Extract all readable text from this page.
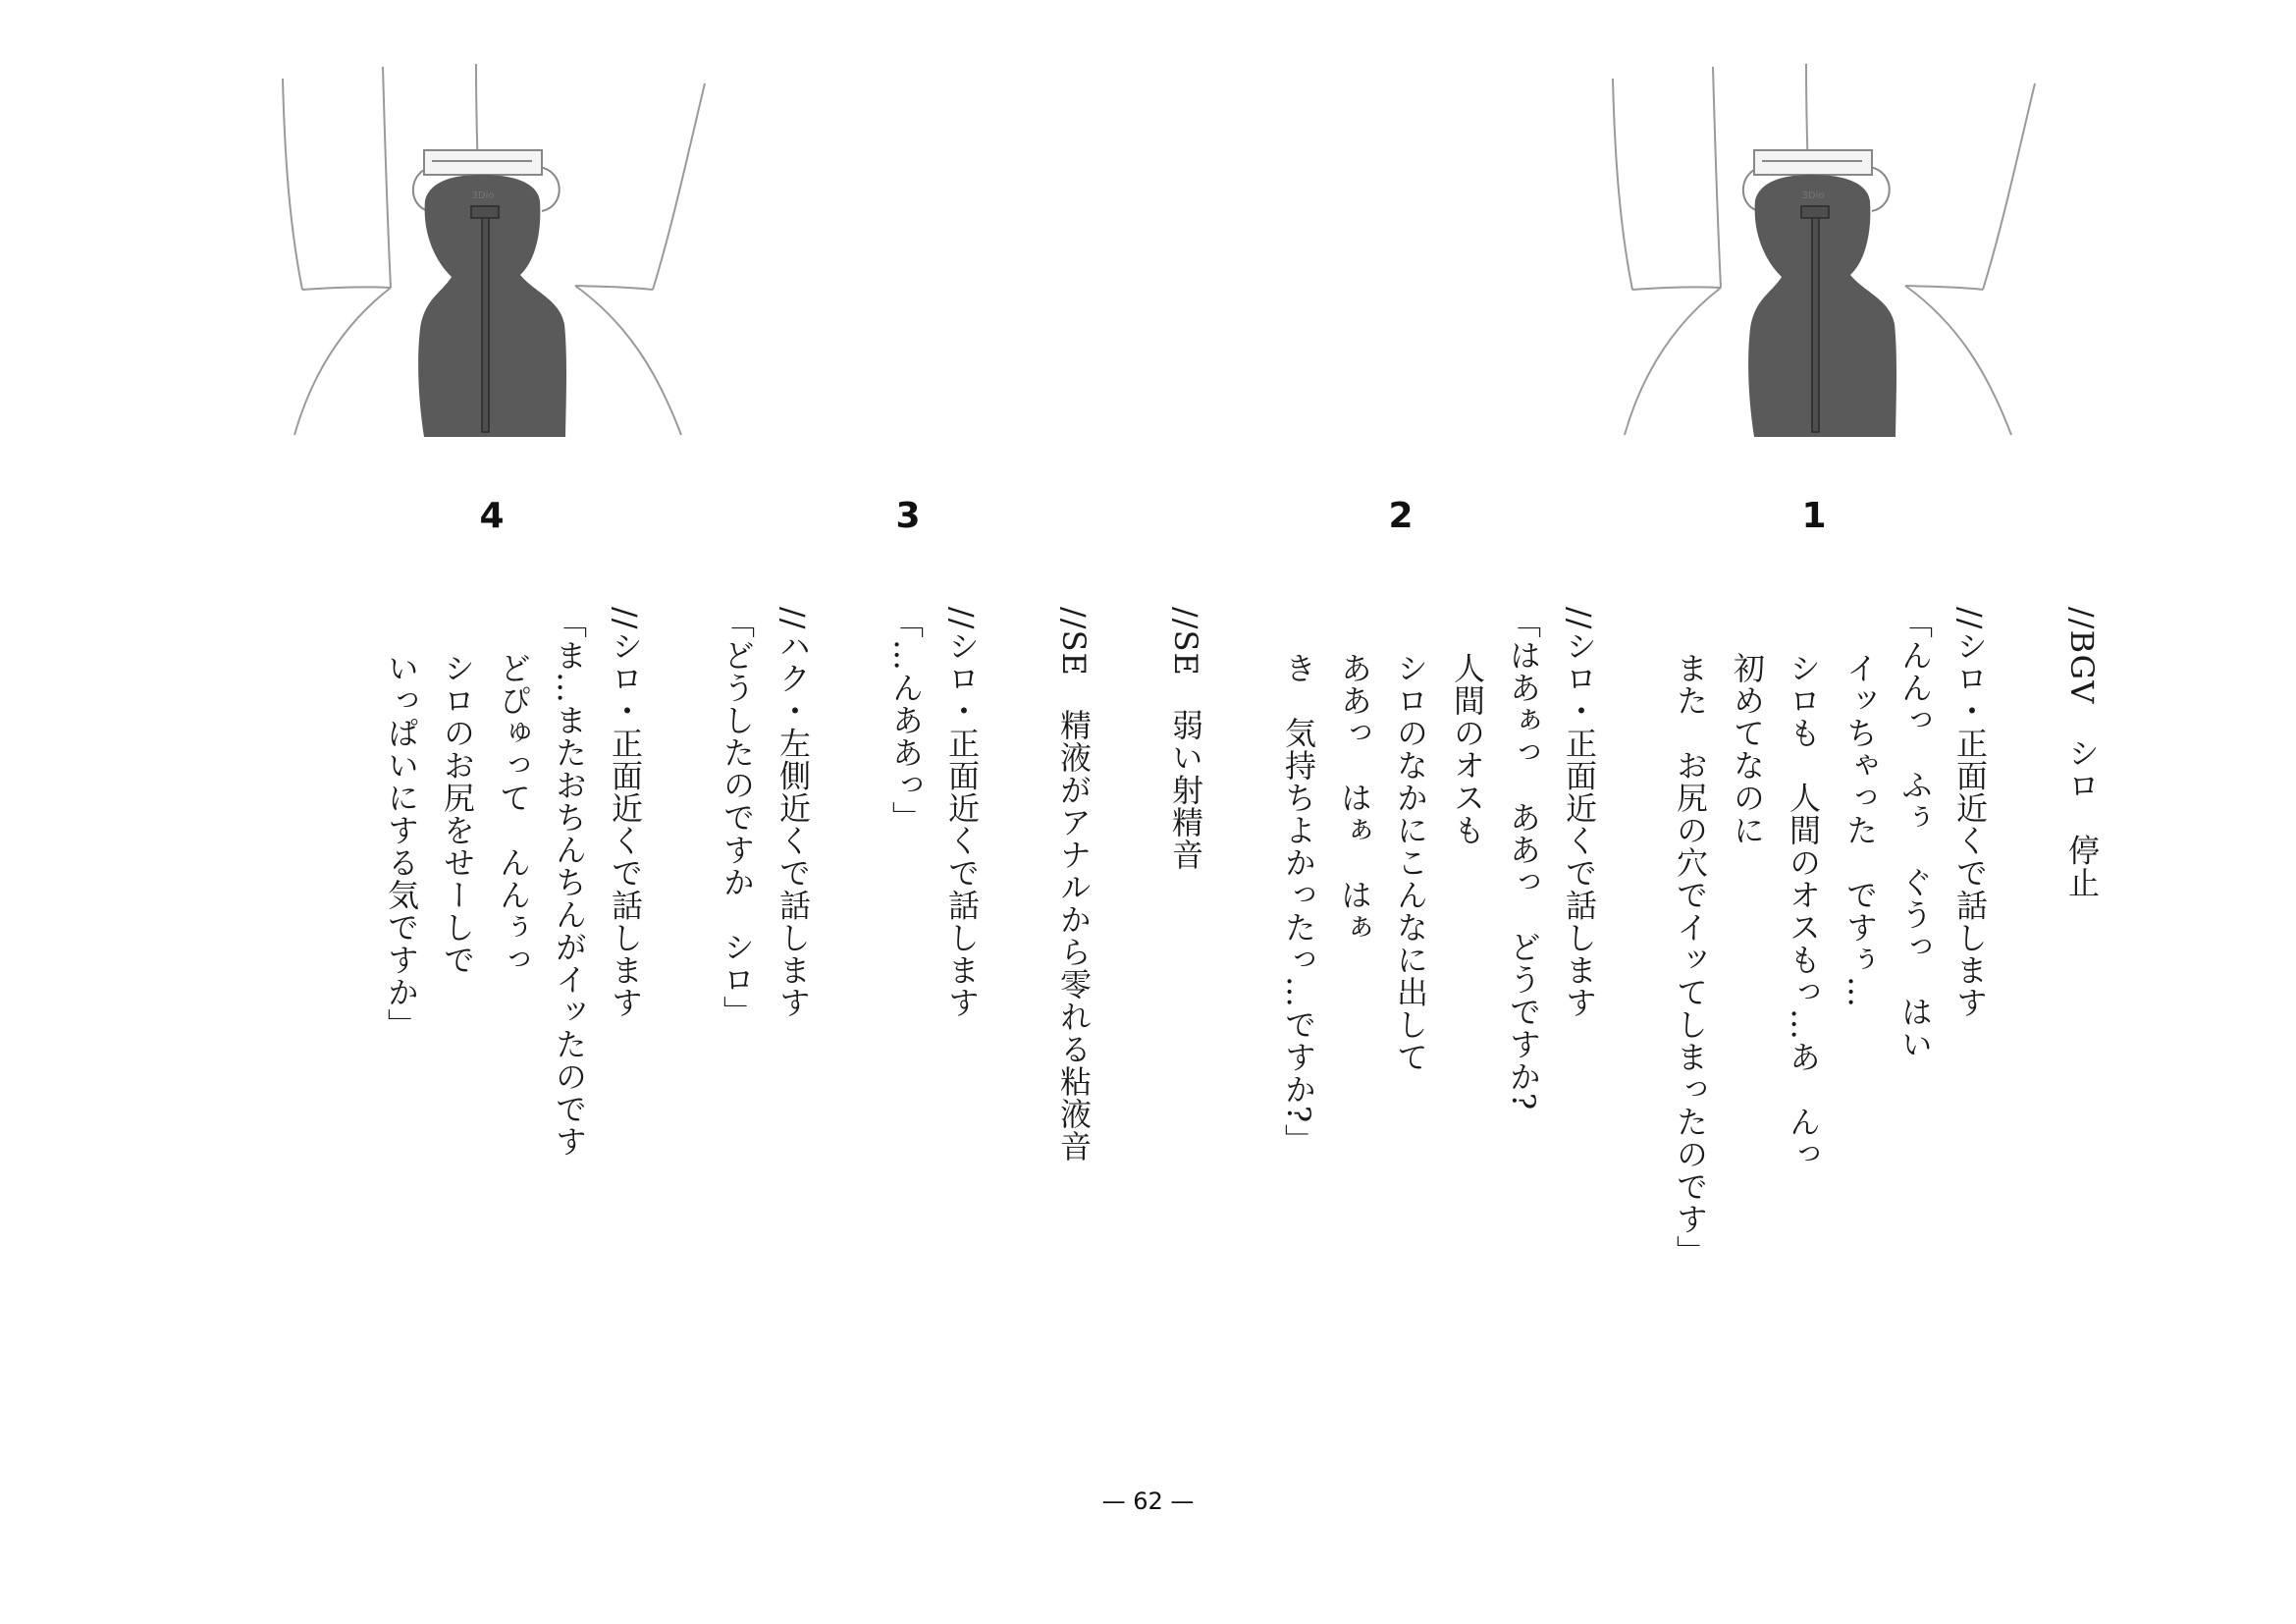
3Dio	3Dio
1
2
3
4
//BGV　シロ　停止
//シロ・正面近くで話します
「んんっ　ふぅ　ぐうっ　はい
イッちゃった　ですぅ…
シロも　人間のオスもっ…あ　んっ
初めてなのに
また　お尻の穴でイッてしまったのです」
//シロ・正面近くで話します
「はあぁっ　ああっ　どうですか?
人間のオスも
シロのなかにこんなに出して
ああっ　はぁ　はぁ
き　気持ちよかったっ…ですか?」
//SE　弱い射精音
//SE　精液がアナルから零れる粘液音
//シロ・正面近くで話します
「…んああっ」
//ハク・左側近くで話します
「どうしたのですか　シロ」
//シロ・正面近くで話します
「ま…またおちんちんがイッたのです
どぴゅって　んんぅっ
シロのお尻をせーしで
いっぱいにする気ですか」
— 62 —
